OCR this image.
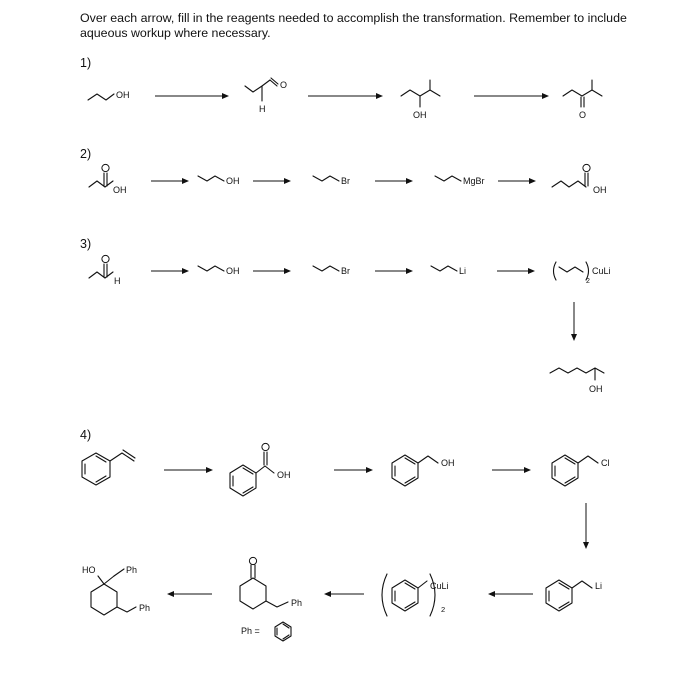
Over each arrow, fill in the reagents needed to accomplish the transformation. Remember to include aqueous workup where necessary.

1)
2)
3)
4)
OH
H
O
OH	O
OH
OH	Br	MgBr
OH
H
OH	Br	Li
2
CuLi
OH
OH
OH	Cl
Li
2
CuLi
Ph
HO	Ph
Ph
Ph =
